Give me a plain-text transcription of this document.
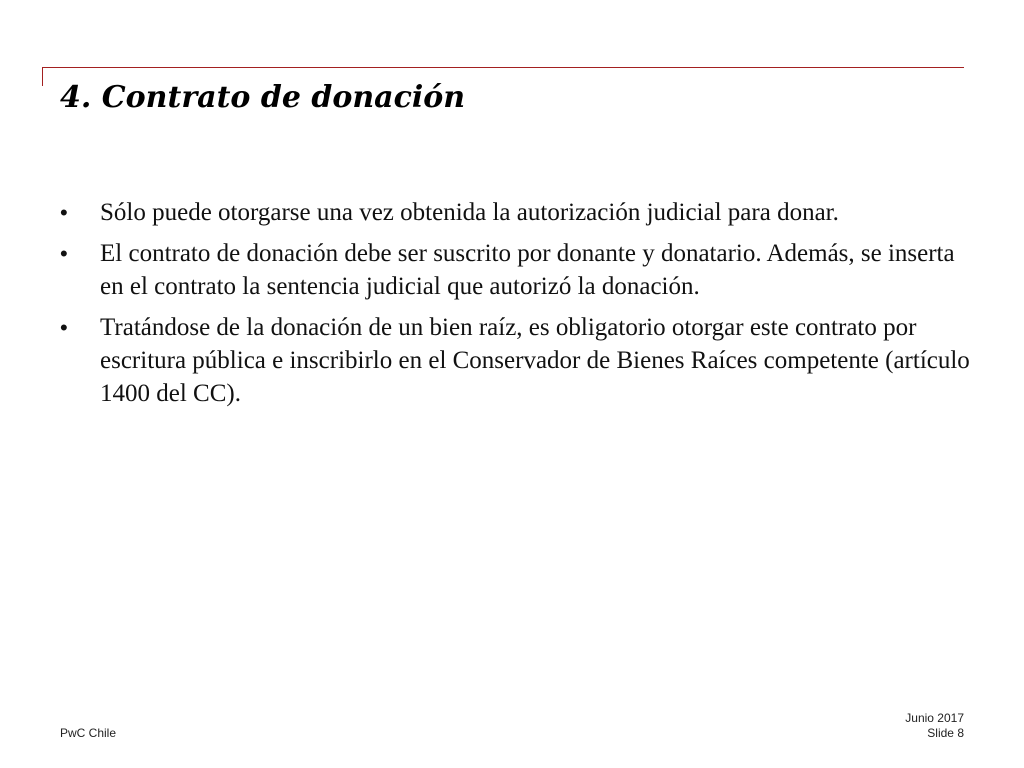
4. Contrato de donación
•	Sólo puede otorgarse una vez obtenida la autorización judicial para donar.
•	El contrato de donación debe ser suscrito por donante y donatario. Además, se inserta en el contrato la sentencia judicial que autorizó la donación.
•	Tratándose de la donación de un bien raíz, es obligatorio otorgar este contrato por escritura pública e inscribirlo en el Conservador de Bienes Raíces competente (artículo 1400 del CC).
PwC Chile
Junio 2017
Slide 8
